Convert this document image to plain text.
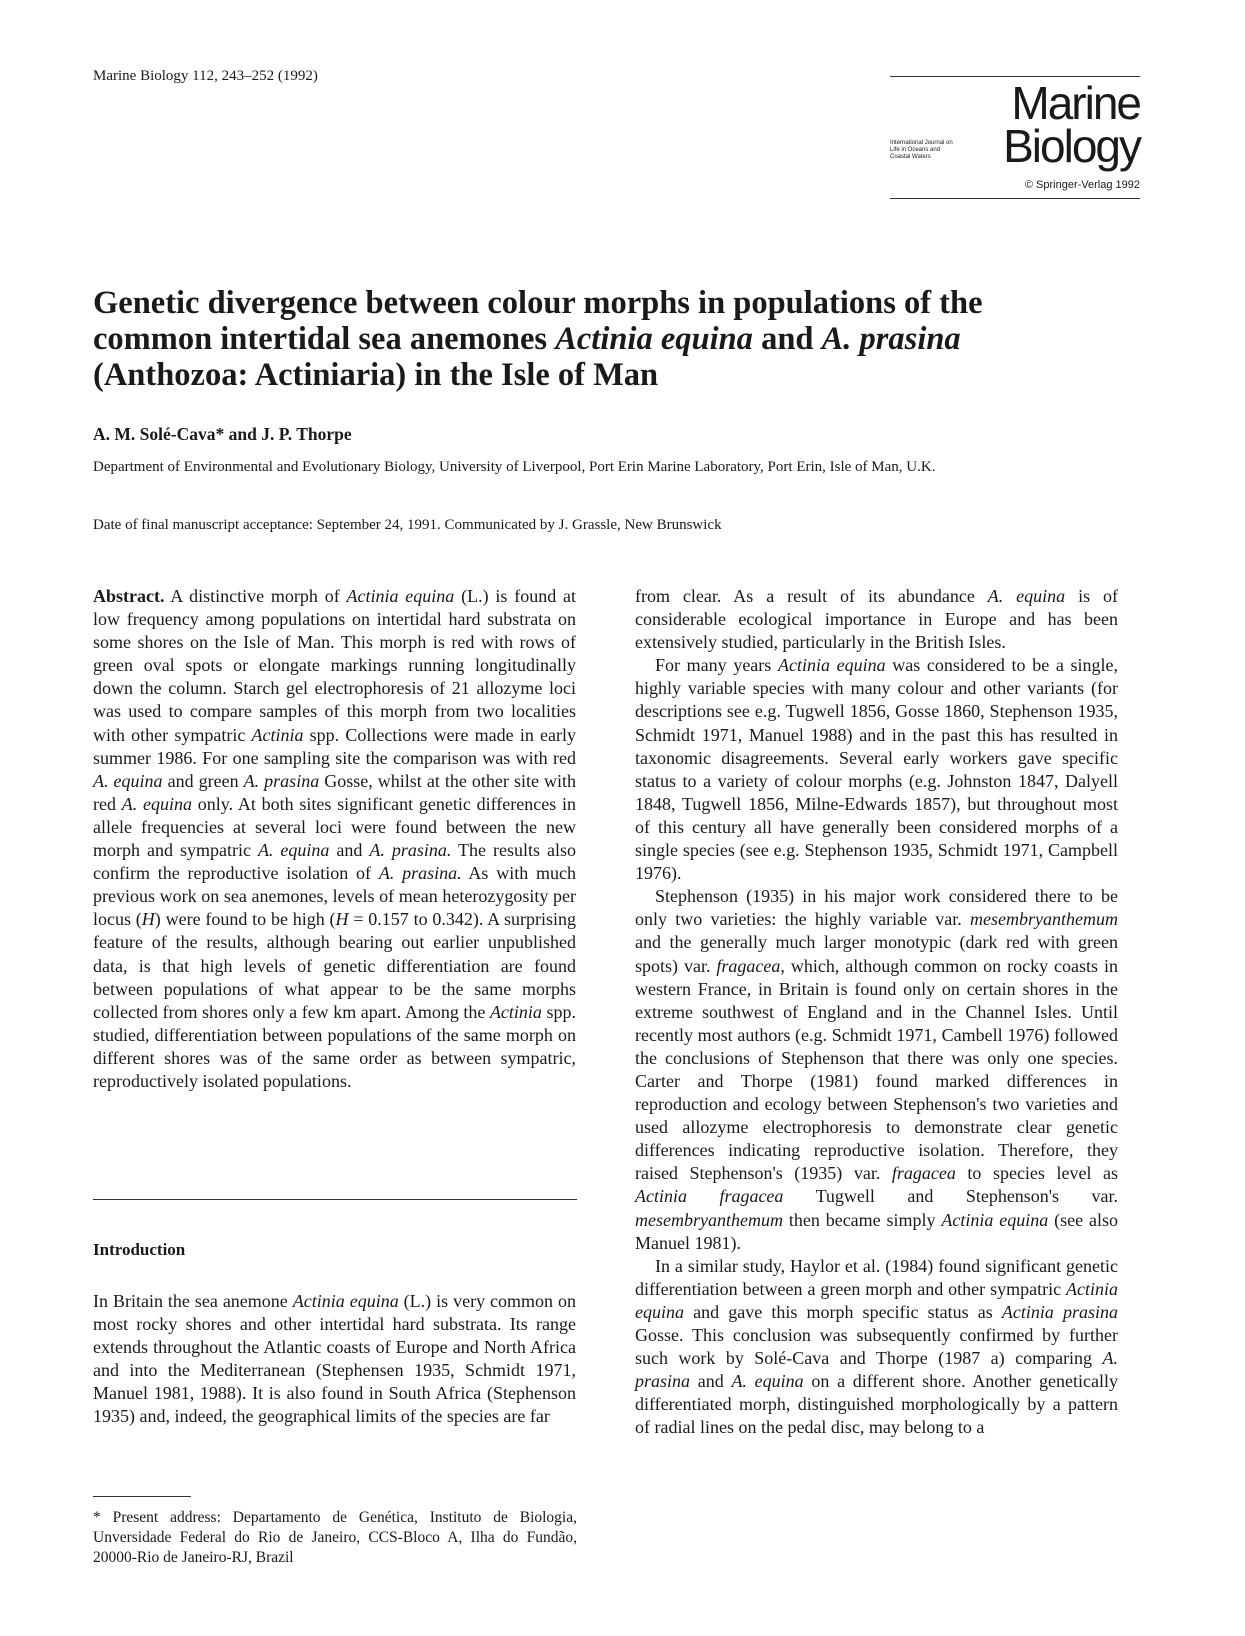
Marine Biology 112, 243–252 (1992)
Marine
International Journal on Life in Oceans and Coastal Waters	Biology
© Springer-Verlag 1992
Genetic divergence between colour morphs in populations of the common intertidal sea anemones Actinia equina and A. prasina (Anthozoa: Actiniaria) in the Isle of Man
A. M. Solé-Cava* and J. P. Thorpe
Department of Environmental and Evolutionary Biology, University of Liverpool, Port Erin Marine Laboratory, Port Erin, Isle of Man, U.K.
Date of final manuscript acceptance: September 24, 1991. Communicated by J. Grassle, New Brunswick

Abstract. A distinctive morph of Actinia equina (L.) is found at low frequency among populations on intertidal hard substrata on some shores on the Isle of Man. This morph is red with rows of green oval spots or elongate markings running longitudinally down the column. Starch gel electrophoresis of 21 allozyme loci was used to compare samples of this morph from two localities with other sympatric Actinia spp. Collections were made in early summer 1986. For one sampling site the comparison was with red A. equina and green A. prasina Gosse, whilst at the other site with red A. equina only. At both sites significant genetic differences in allele frequencies at several loci were found between the new morph and sympatric A. equina and A. prasina. The results also confirm the reproductive isolation of A. prasina. As with much previous work on sea anemones, levels of mean heterozygosity per locus (H) were found to be high (H = 0.157 to 0.342). A surprising feature of the results, although bearing out earlier unpublished data, is that high levels of genetic differentiation are found between populations of what appear to be the same morphs collected from shores only a few km apart. Among the Actinia spp. studied, differentiation between populations of the same morph on different shores was of the same order as between sympatric, reproductively isolated populations.

Introduction

In Britain the sea anemone Actinia equina (L.) is very common on most rocky shores and other intertidal hard substrata. Its range extends throughout the Atlantic coasts of Europe and North Africa and into the Mediterranean (Stephensen 1935, Schmidt 1971, Manuel 1981, 1988). It is also found in South Africa (Stephenson 1935) and, indeed, the geographical limits of the species are far

* Present address: Departamento de Genética, Instituto de Biologia, Unversidade Federal do Rio de Janeiro, CCS-Bloco A, Ilha do Fundão, 20000-Rio de Janeiro-RJ, Brazil

from clear. As a result of its abundance A. equina is of considerable ecological importance in Europe and has been extensively studied, particularly in the British Isles.

For many years Actinia equina was considered to be a single, highly variable species with many colour and other variants (for descriptions see e.g. Tugwell 1856, Gosse 1860, Stephenson 1935, Schmidt 1971, Manuel 1988) and in the past this has resulted in taxonomic disagreements. Several early workers gave specific status to a variety of colour morphs (e.g. Johnston 1847, Dalyell 1848, Tugwell 1856, Milne-Edwards 1857), but throughout most of this century all have generally been considered morphs of a single species (see e.g. Stephenson 1935, Schmidt 1971, Campbell 1976).

Stephenson (1935) in his major work considered there to be only two varieties: the highly variable var. mesembryanthemum and the generally much larger monotypic (dark red with green spots) var. fragacea, which, although common on rocky coasts in western France, in Britain is found only on certain shores in the extreme southwest of England and in the Channel Isles. Until recently most authors (e.g. Schmidt 1971, Cambell 1976) followed the conclusions of Stephenson that there was only one species. Carter and Thorpe (1981) found marked differences in reproduction and ecology between Stephenson's two varieties and used allozyme electrophoresis to demonstrate clear genetic differences indicating reproductive isolation. Therefore, they raised Stephenson's (1935) var. fragacea to species level as Actinia fragacea Tugwell and Stephenson's var. mesembryanthemum then became simply Actinia equina (see also Manuel 1981).

In a similar study, Haylor et al. (1984) found significant genetic differentiation between a green morph and other sympatric Actinia equina and gave this morph specific status as Actinia prasina Gosse. This conclusion was subsequently confirmed by further such work by Solé-Cava and Thorpe (1987 a) comparing A. prasina and A. equina on a different shore. Another genetically differentiated morph, distinguished morphologically by a pattern of radial lines on the pedal disc, may belong to a
